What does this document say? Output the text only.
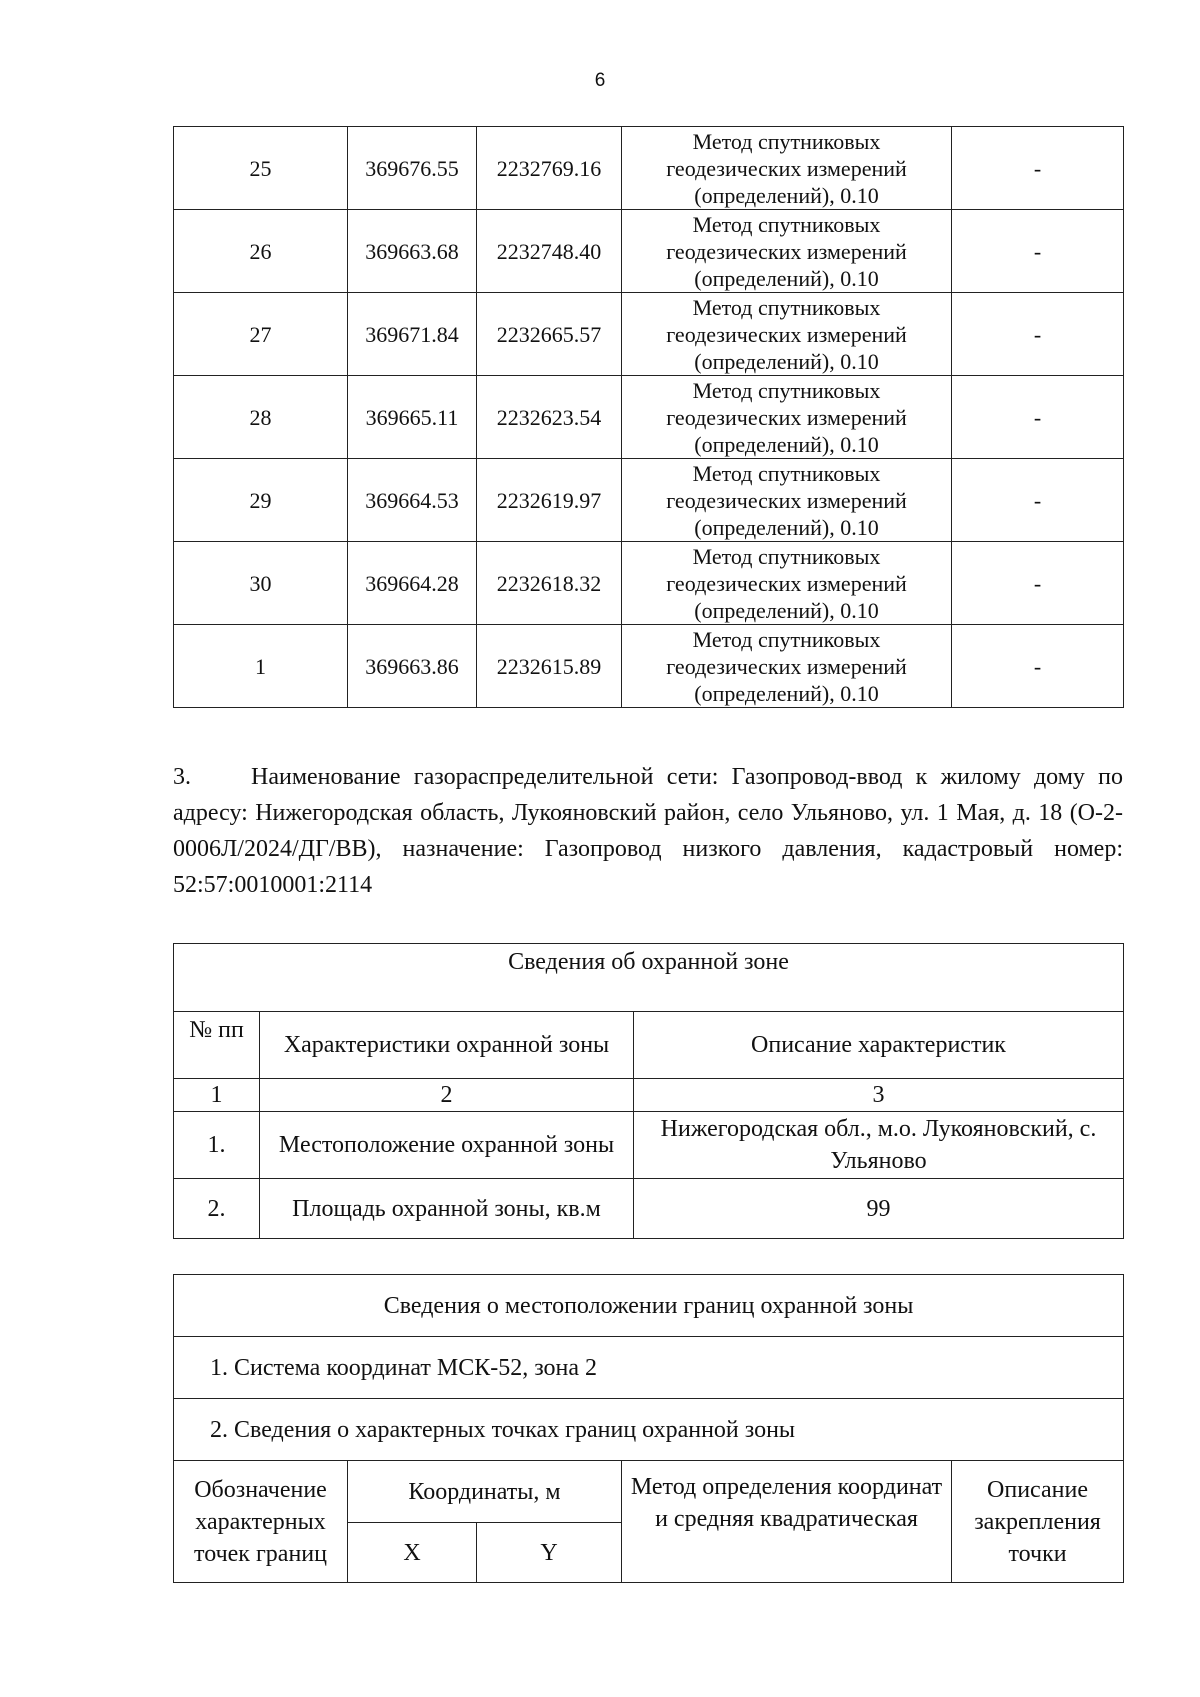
6
25	369676.55	2232769.16	Метод спутниковых
геодезических измерений
(определений), 0.10	-
26	369663.68	2232748.40	Метод спутниковых
геодезических измерений
(определений), 0.10	-
27	369671.84	2232665.57	Метод спутниковых
геодезических измерений
(определений), 0.10	-
28	369665.11	2232623.54	Метод спутниковых
геодезических измерений
(определений), 0.10	-
29	369664.53	2232619.97	Метод спутниковых
геодезических измерений
(определений), 0.10	-
30	369664.28	2232618.32	Метод спутниковых
геодезических измерений
(определений), 0.10	-
1	369663.86	2232615.89	Метод спутниковых
геодезических измерений
(определений), 0.10	-
3.	Наименование газораспределительной сети: Газопровод-ввод к жилому дому по адресу: Нижегородская область, Лукояновский район, село Ульяново, ул. 1 Мая, д. 18 (О-2-0006Л/2024/ДГ/ВВ), назначение: Газопровод низкого давления, кадастровый номер: 52:57:0010001:2114
Сведения об охранной зоне		
№ пп	Характеристики охранной зоны	Описание характеристик
1	2	3
1.	Местоположение охранной зоны	Нижегородская обл., м.о. Лукояновский, с. Ульяново
2.	Площадь охранной зоны, кв.м	99
Сведения о местоположении границ охранной зоны				
1. Система координат МСК-52, зона 2				
2. Сведения о характерных точках границ охранной зоны				
Обозначение характерных точек границ	Координаты, м		Метод определения координат и средняя квадратическая	Описание закрепления точки
	X	Y		
